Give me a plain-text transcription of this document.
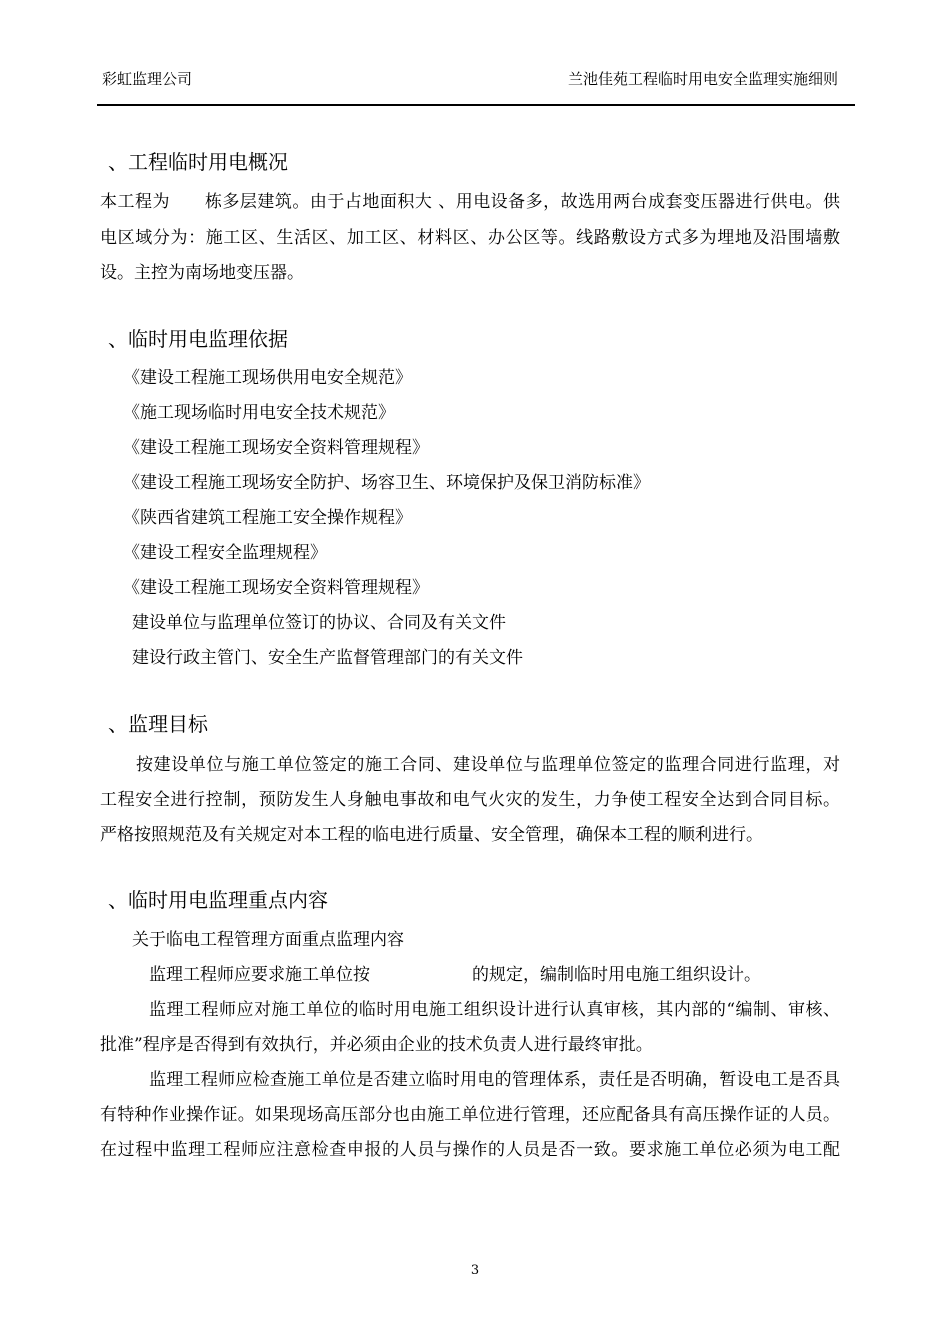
彩虹监理公司	兰池佳苑工程临时用电安全监理实施细则
、工程临时用电概况
本工程为　　栋多层建筑。由于占地面积大 、用电设备多，故选用两台成套变压器进行供电。供
电区域分为：施工区、生活区、加工区、材料区、办公区等。线路敷设方式多为埋地及沿围墙敷
设。主控为南场地变压器。
、临时用电监理依据
《建设工程施工现场供用电安全规范》
《施工现场临时用电安全技术规范》
《建设工程施工现场安全资料管理规程》
《建设工程施工现场安全防护、场容卫生、环境保护及保卫消防标准》
《陕西省建筑工程施工安全操作规程》
《建设工程安全监理规程》
《建设工程施工现场安全资料管理规程》
建设单位与监理单位签订的协议、合同及有关文件
建设行政主管门、安全生产监督管理部门的有关文件
、监理目标
按建设单位与施工单位签定的施工合同、建设单位与监理单位签定的监理合同进行监理，对
工程安全进行控制，预防发生人身触电事故和电气火灾的发生，力争使工程安全达到合同目标。
严格按照规范及有关规定对本工程的临电进行质量、安全管理，确保本工程的顺利进行。
、临时用电监理重点内容
关于临电工程管理方面重点监理内容
监理工程师应要求施工单位按　　　　　　的规定，编制临时用电施工组织设计。
监理工程师应对施工单位的临时用电施工组织设计进行认真审核，其内部的“编制、审核、
批准”程序是否得到有效执行，并必须由企业的技术负责人进行最终审批。
监理工程师应检查施工单位是否建立临时用电的管理体系，责任是否明确，暂设电工是否具
有特种作业操作证。如果现场高压部分也由施工单位进行管理，还应配备具有高压操作证的人员。
在过程中监理工程师应注意检查申报的人员与操作的人员是否一致。要求施工单位必须为电工配
3
